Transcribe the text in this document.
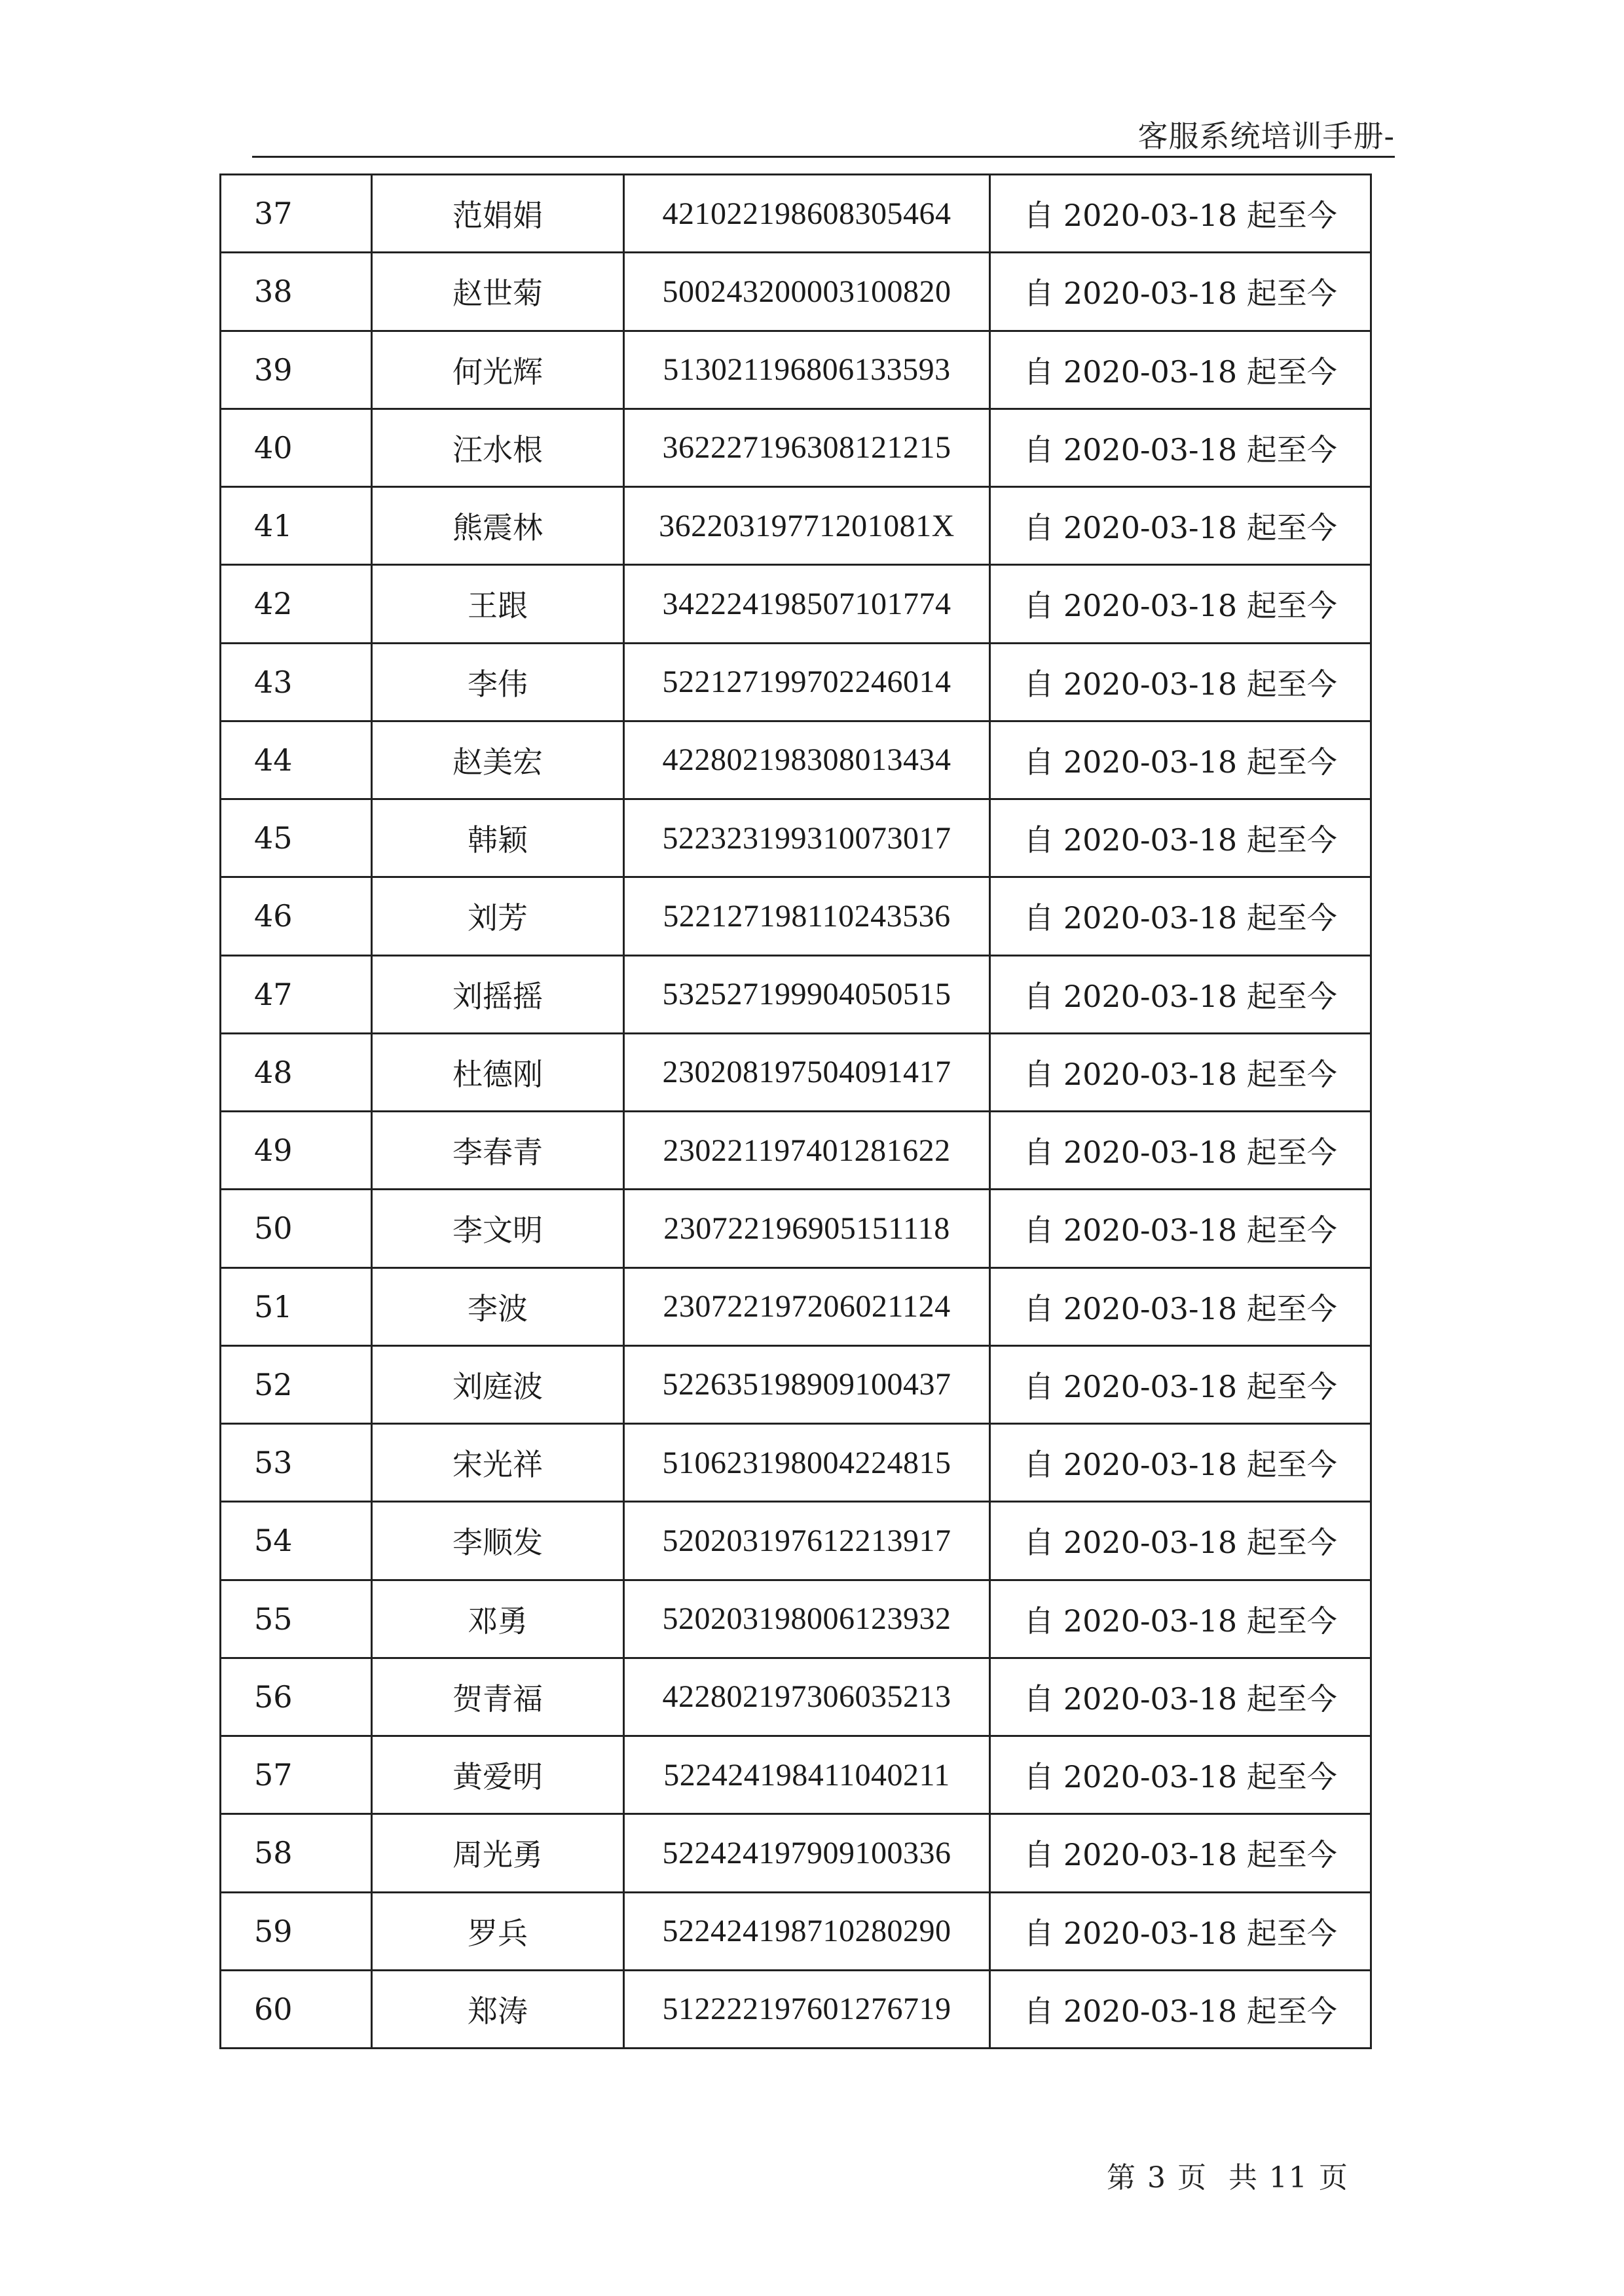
客服系统培训手册-
37	范娟娟	421022198608305464	自 2020-03-18 起至今
38	赵世菊	500243200003100820	自 2020-03-18 起至今
39	何光辉	513021196806133593	自 2020-03-18 起至今
40	汪水根	362227196308121215	自 2020-03-18 起至今
41	熊震林	36220319771201081X	自 2020-03-18 起至今
42	王跟	342224198507101774	自 2020-03-18 起至今
43	李伟	522127199702246014	自 2020-03-18 起至今
44	赵美宏	422802198308013434	自 2020-03-18 起至今
45	韩颖	522323199310073017	自 2020-03-18 起至今
46	刘芳	522127198110243536	自 2020-03-18 起至今
47	刘摇摇	532527199904050515	自 2020-03-18 起至今
48	杜德刚	230208197504091417	自 2020-03-18 起至今
49	李春青	230221197401281622	自 2020-03-18 起至今
50	李文明	230722196905151118	自 2020-03-18 起至今
51	李波	230722197206021124	自 2020-03-18 起至今
52	刘庭波	522635198909100437	自 2020-03-18 起至今
53	宋光祥	510623198004224815	自 2020-03-18 起至今
54	李顺发	520203197612213917	自 2020-03-18 起至今
55	邓勇	520203198006123932	自 2020-03-18 起至今
56	贺青福	422802197306035213	自 2020-03-18 起至今
57	黄爱明	522424198411040211	自 2020-03-18 起至今
58	周光勇	522424197909100336	自 2020-03-18 起至今
59	罗兵	522424198710280290	自 2020-03-18 起至今
60	郑涛	512222197601276719	自 2020-03-18 起至今
第 3 页  共 11 页
